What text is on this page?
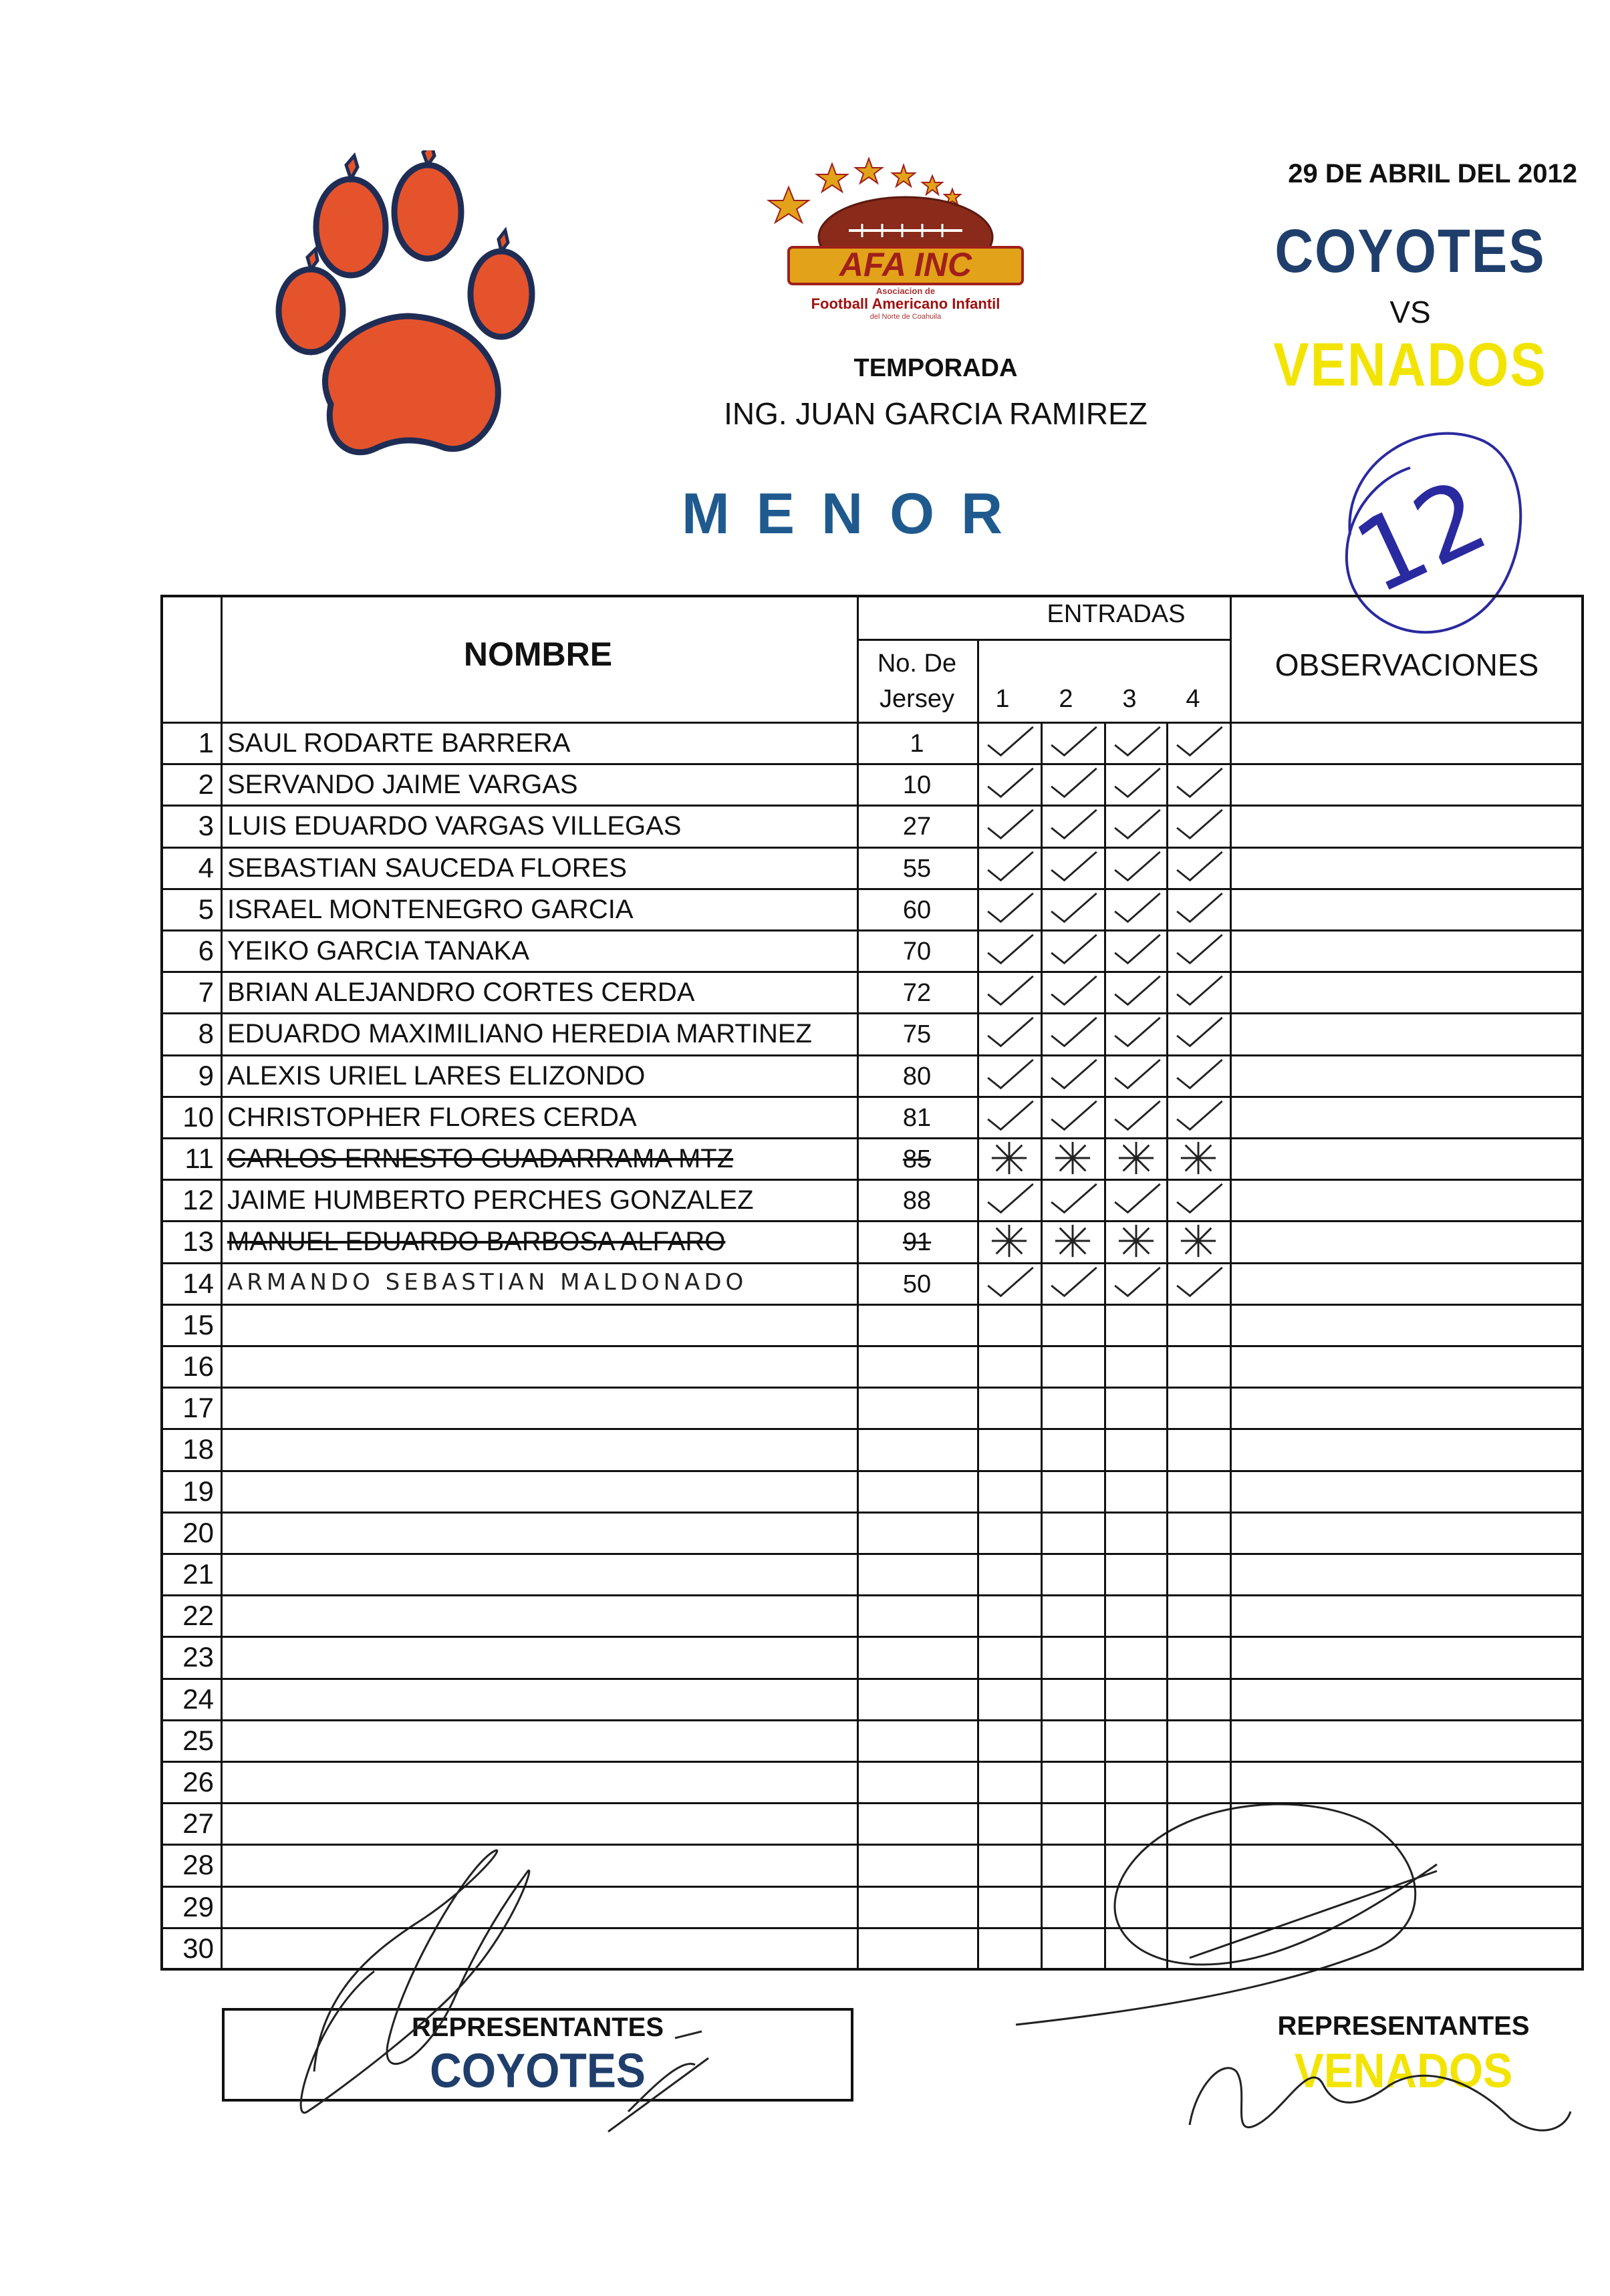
AFA INC
Asociacion de
Football Americano Infantil
del Norte de Coahuila
TEMPORADA
ING. JUAN GARCIA RAMIREZ
MENOR
29 DE ABRIL DEL 2012
COYOTES
VS
VENADOS
12
NOMBRE
ENTRADAS
No. De
Jersey	1	2	3	4
OBSERVACIONES
1 SAUL RODARTE BARRERA	1
2 SERVANDO JAIME VARGAS	10
3 LUIS EDUARDO VARGAS VILLEGAS	27
4 SEBASTIAN SAUCEDA FLORES	55
5 ISRAEL MONTENEGRO GARCIA	60
6 YEIKO GARCIA TANAKA	70
7 BRIAN ALEJANDRO CORTES CERDA	72
8 EDUARDO MAXIMILIANO HEREDIA MARTINEZ	75
9 ALEXIS URIEL LARES ELIZONDO	80
10 CHRISTOPHER FLORES CERDA	81
11 CARLOS ERNESTO GUADARRAMA MTZ	85
12 JAIME HUMBERTO PERCHES GONZALEZ	88
13 MANUEL EDUARDO BARBOSA ALFARO	91
14 ARMANDO SEBASTIAN MALDONADO	50
15
16
17
18
19
20
21
22
23
24
25
26
27
28
29
30
REPRESENTANTES
COYOTES
REPRESENTANTES
VENADOS
